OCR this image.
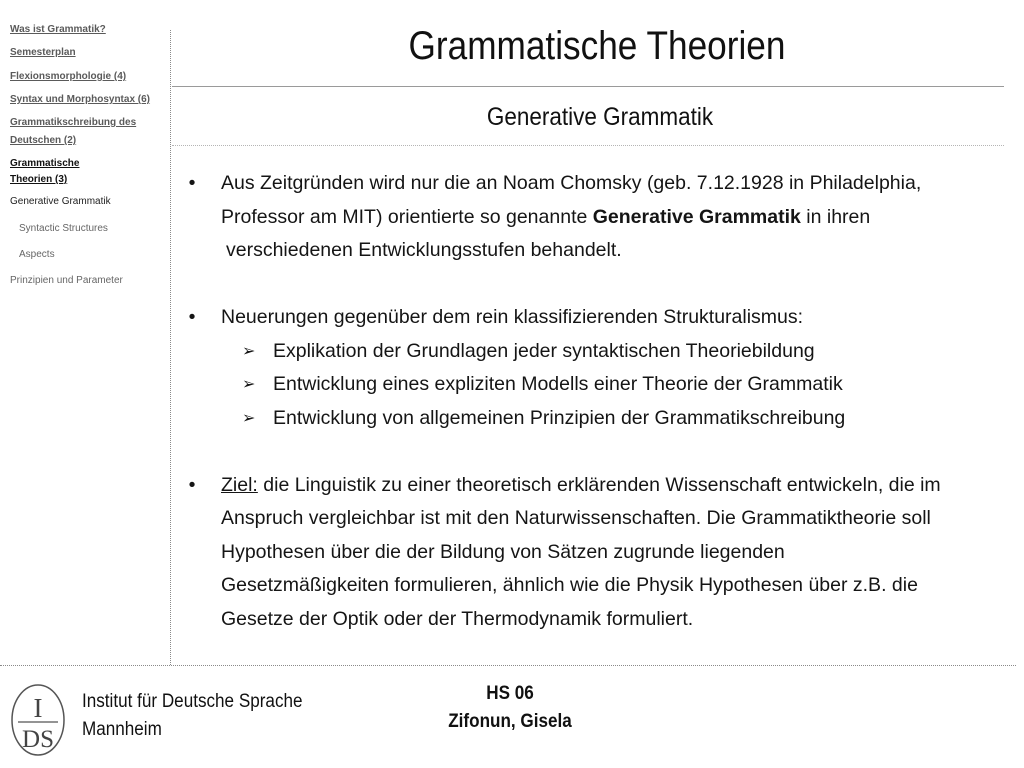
Was ist Grammatik?
Semesterplan
Flexionsmorphologie (4)
Syntax und Morphosyntax (6)
Grammatikschreibung des
Deutschen (2)
Grammatische
Theorien (3)
Generative Grammatik
Syntactic Structures
Aspects
Prinzipien und Parameter
Grammatische Theorien
Generative Grammatik
• Aus Zeitgründen wird nur die an Noam Chomsky (geb. 7.12.1928 in Philadelphia,
Professor am MIT) orientierte so genannte Generative Grammatik in ihren
verschiedenen Entwicklungsstufen behandelt.
• Neuerungen gegenüber dem rein klassifizierenden Strukturalismus:
➢ Explikation der Grundlagen jeder syntaktischen Theoriebildung
➢ Entwicklung eines expliziten Modells einer Theorie der Grammatik
➢ Entwicklung von allgemeinen Prinzipien der Grammatikschreibung
• Ziel: die Linguistik zu einer theoretisch erklärenden Wissenschaft entwickeln, die im
Anspruch vergleichbar ist mit den Naturwissenschaften. Die Grammatiktheorie soll
Hypothesen über die der Bildung von Sätzen zugrunde liegenden
Gesetzmäßigkeiten formulieren, ähnlich wie die Physik Hypothesen über z.B. die
Gesetze der Optik oder der Thermodynamik formuliert.
I
DS
Institut für Deutsche Sprache
Mannheim
HS 06
Zifonun, Gisela
